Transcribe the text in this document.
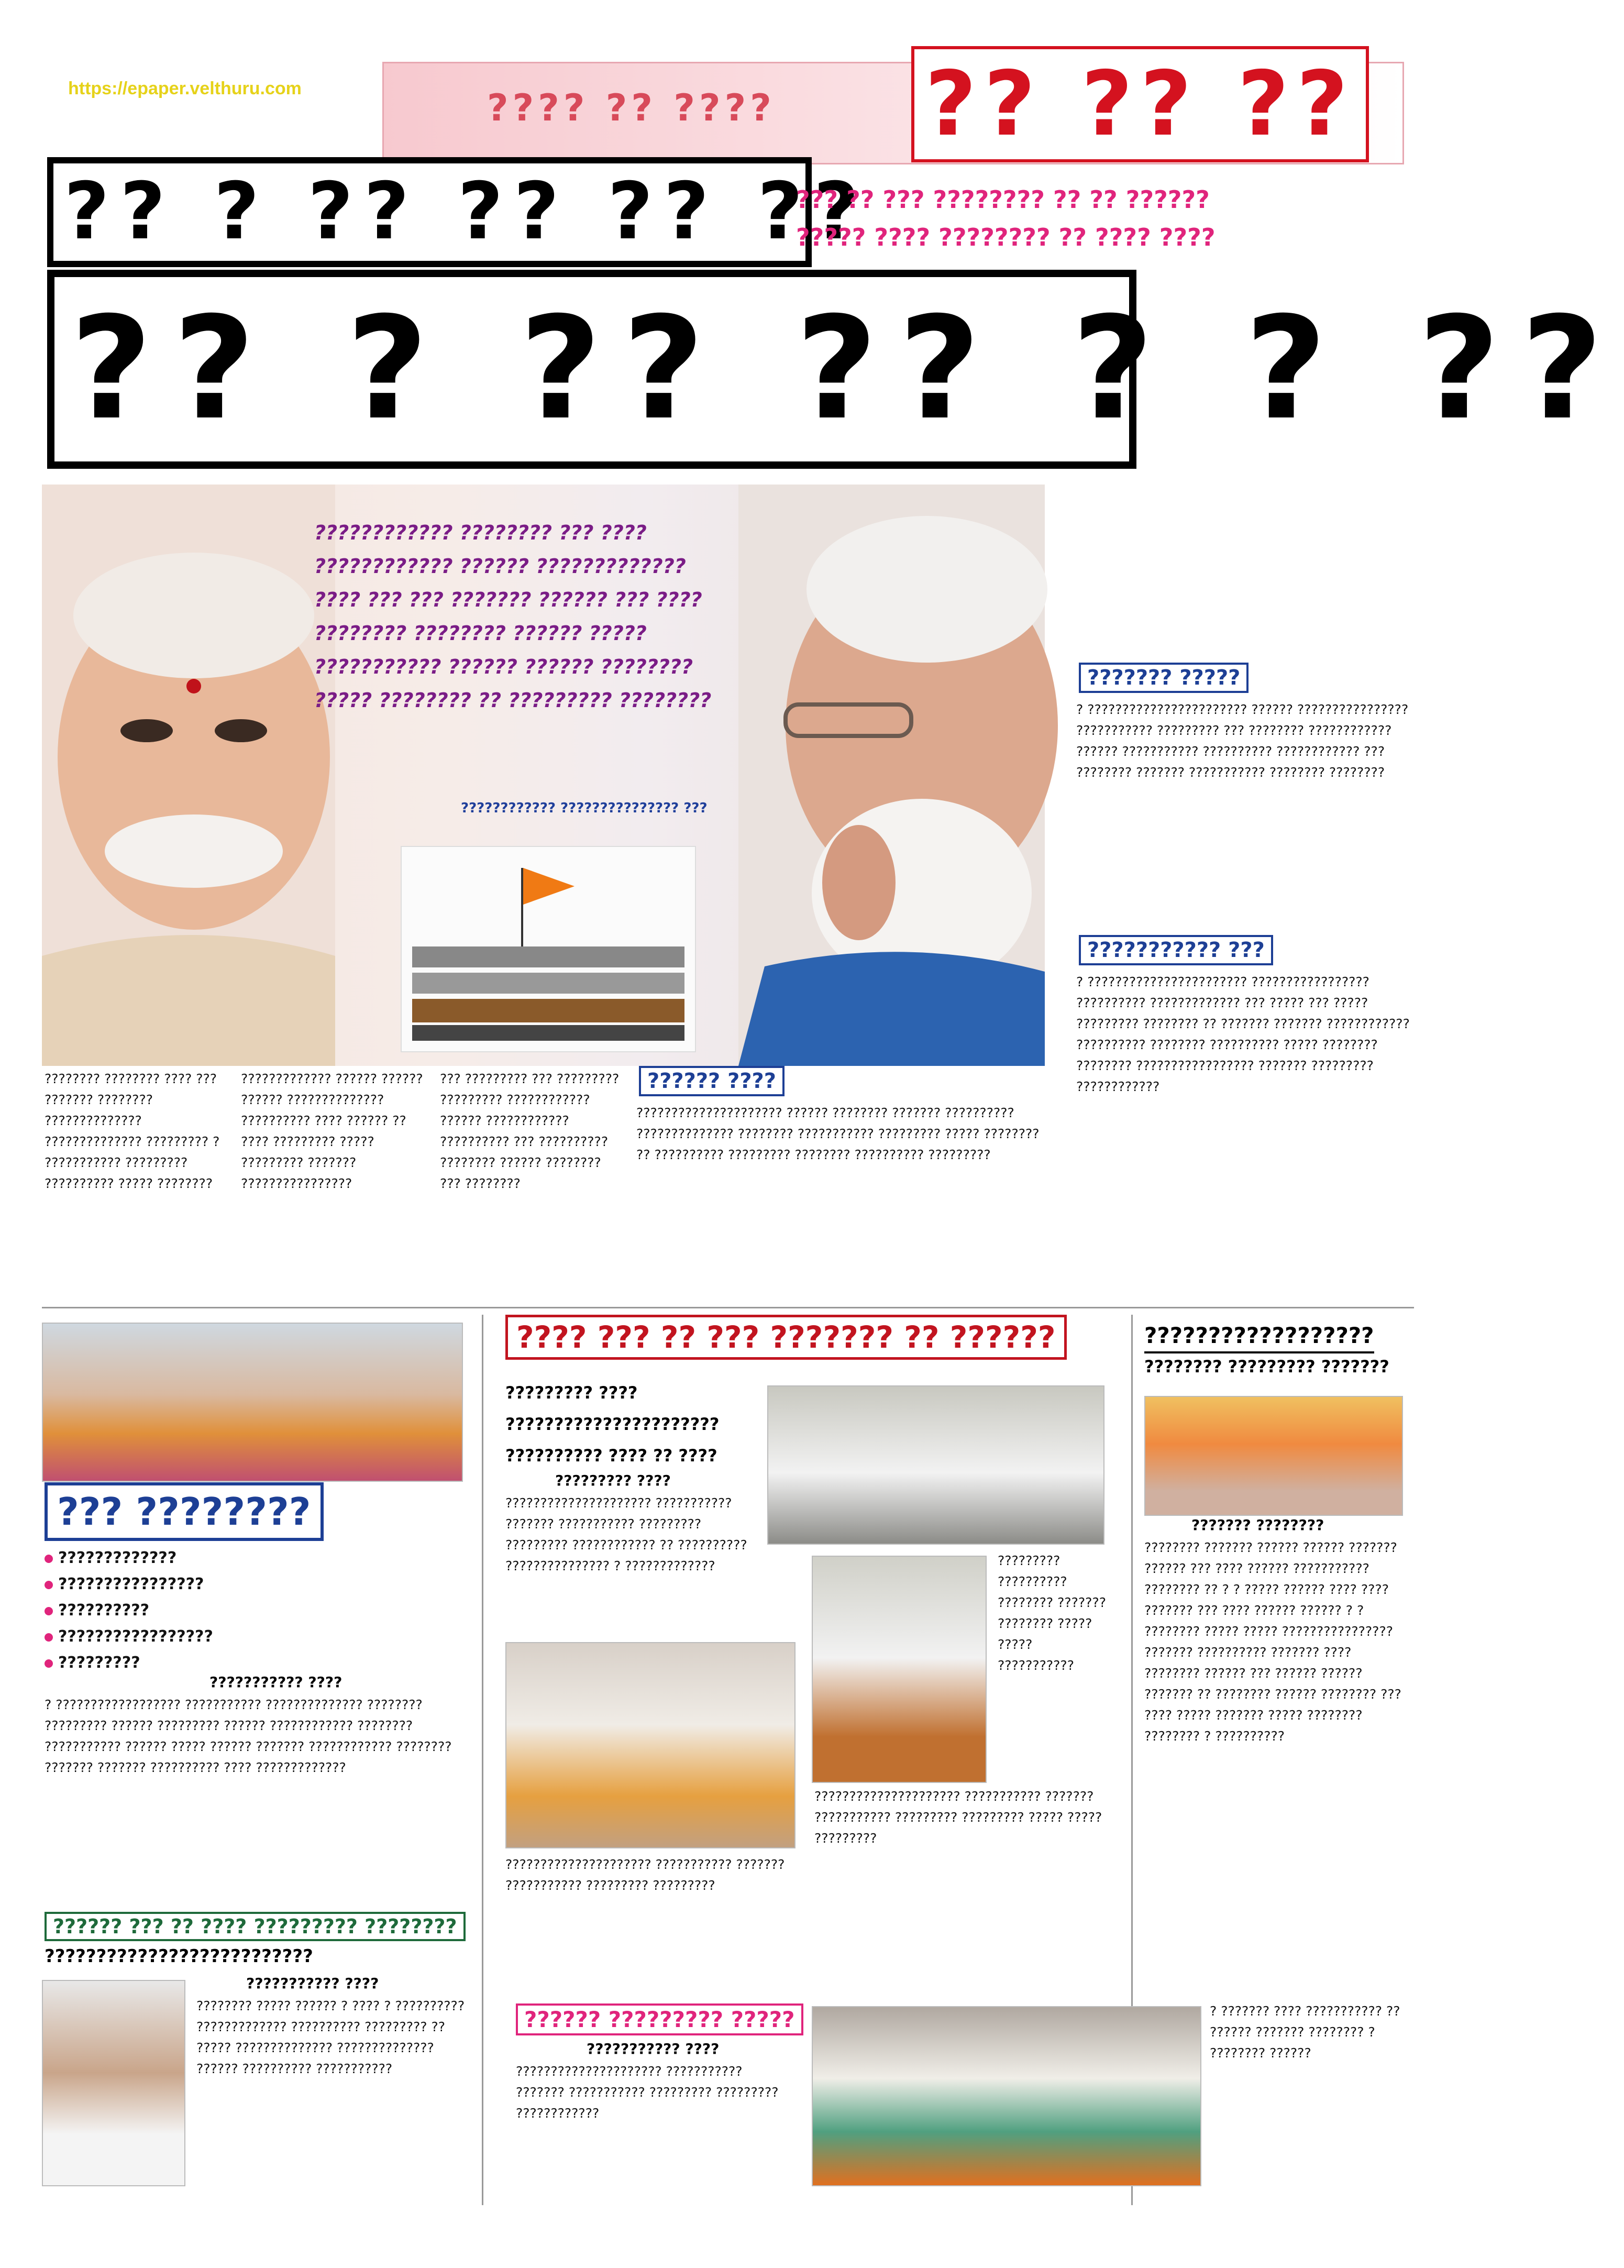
https://epaper.velthuru.com	???? ?? ???? ?? ?? ??
?? ? ?? ?? ?? ??
??? ?? ??? ???????? ?? ?? ??????
????? ???? ???????? ?? ???? ????
?? ? ?? ?? ? ? ??
???????????? ???????? ??? ???? ???????????? ?????? ????????????? ???? ??? ??? ??????? ?????? ??? ???? ???????? ???????? ?????? ????? ??????????? ?????? ?????? ???????? ????? ???????? ?? ????????? ????????
???????????? ??????????????? ???
???????? ???????? ???? ??? ??????? ???????? ?????????????? ?????????????? ????????? ? ??????????? ????????? ?????????? ????? ????????
????????????? ?????? ?????? ?????? ?????????????? ?????????? ???? ?????? ?? ???? ????????? ????? ????????? ??????? ????????????????
??? ????????? ??? ????????? ????????? ???????????? ?????? ???????????? ?????????? ??? ?????????? ???????? ?????? ???????? ??? ????????
?????? ????
????????????????????? ?????? ???????? ??????? ?????????? ?????????????? ???????? ??????????? ????????? ????? ???????? ?? ?????????? ????????? ???????? ?????????? ?????????
??????? ?????
? ??????????????????????? ?????? ???????????????? ??????????? ????????? ??? ???????? ???????????? ?????? ??????????? ?????????? ???????????? ??? ???????? ??????? ??????????? ???????? ????????
??????????? ???
? ??????????????????????? ????????????????? ?????????? ????????????? ??? ????? ??? ????? ????????? ???????? ?? ??????? ??????? ???????????? ?????????? ???????? ?????????? ????? ???????? ???????? ????????????????? ??????? ????????? ????????????
??? ????????
?????????????
????????????????
??????????
?????????????????
?????????
??????????? ????
? ?????????????????? ??????????? ?????????????? ???????? ????????? ?????? ????????? ?????? ???????????? ???????? ??????????? ?????? ????? ?????? ??????? ???????????? ???????? ??????? ??????? ?????????? ???? ?????????????
?????? ??? ?? ???? ????????? ????????
??????????????????????????
??????????? ????
???????? ????? ?????? ? ???? ? ?????????? ????????????? ?????????? ????????? ?? ????? ?????????????? ?????????????? ?????? ?????????? ???????????
???? ??? ?? ??? ??????? ?? ??????
????????? ????
??????????????????????
?????????? ???? ?? ????
????????? ????
????????????????????? ??????????? ??????? ??????????? ????????? ????????? ???????????? ?? ?????????? ??????????????? ? ?????????????
????????????????????? ??????????? ??????? ??????????? ????????? ?????????
????????? ?????????? ???????? ??????? ???????? ????? ????? ???????????
????????????????????? ??????????? ??????? ??????????? ????????? ????????? ????? ????? ?????????
?????? ????????? ?????
??????????? ????
????????????????????? ??????????? ??????? ??????????? ????????? ????????? ????????????
??????????????????
???????? ????????? ???????
??????? ????????
???????? ??????? ?????? ?????? ??????? ?????? ??? ???? ?????? ??????????? ???????? ?? ? ? ????? ?????? ???? ???? ??????? ??? ???? ?????? ?????? ? ? ???????? ????? ????? ???????????????? ??????? ?????????? ??????? ???? ???????? ?????? ??? ?????? ?????? ??????? ?? ???????? ?????? ???????? ??? ???? ????? ??????? ????? ???????? ???????? ? ??????????
? ??????? ???? ??????????? ?? ?????? ??????? ???????? ? ???????? ??????
